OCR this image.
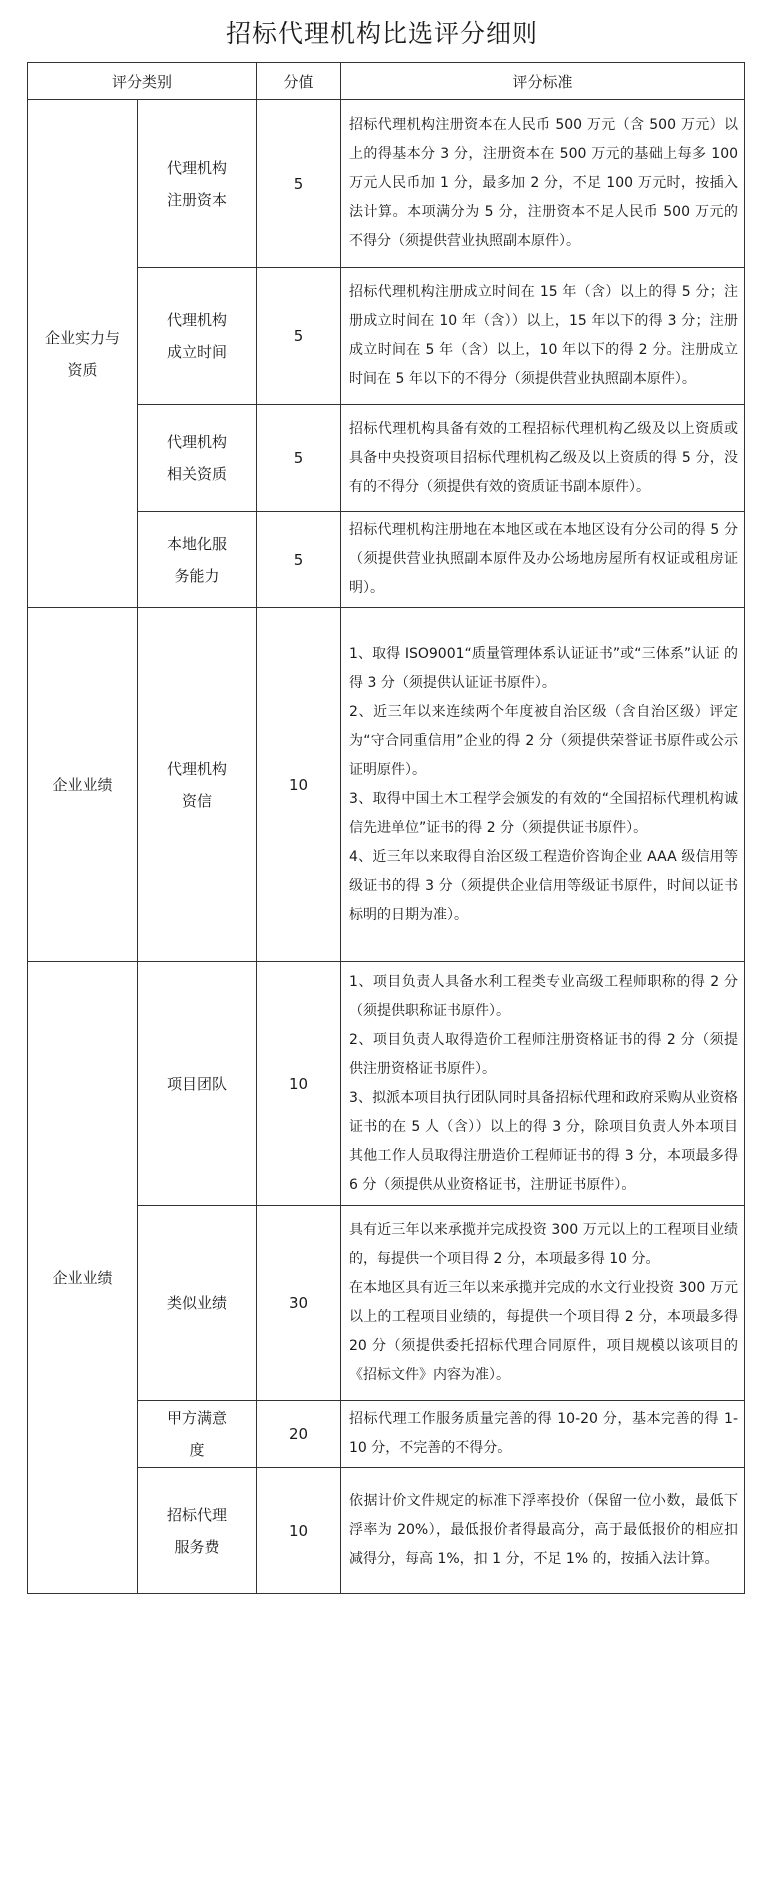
招标代理机构比选评分细则
评分类别		分值	评分标准
企业实力与资质	代理机构注册资本	5	招标代理机构注册资本在人民币 500 万元（含 500 万元）以上的得基本分 3 分，注册资本在 500 万元的基础上每多 100 万元人民币加 1 分，最多加 2 分，不足 100 万元时，按插入法计算。本项满分为 5 分，注册资本不足人民币 500 万元的不得分（须提供营业执照副本原件）。

	代理机构成立时间	5	招标代理机构注册成立时间在 15 年（含）以上的得 5 分；注册成立时间在 10 年（含））以上，15 年以下的得 3 分；注册成立时间在 5 年（含）以上，10 年以下的得 2 分。注册成立时间在 5 年以下的不得分（须提供营业执照副本原件）。

	代理机构相关资质	5	招标代理机构具备有效的工程招标代理机构乙级及以上资质或具备中央投资项目招标代理机构乙级及以上资质的得 5 分，没有的不得分（须提供有效的资质证书副本原件）。

	本地化服务能力	5	招标代理机构注册地在本地区或在本地区设有分公司的得 5 分（须提供营业执照副本原件及办公场地房屋所有权证或租房证明）。

企业业绩	代理机构资信	10	1、取得 ISO9001“质量管理体系认证证书”或“三体系”认证 的得 3 分（须提供认证证书原件）。

2、近三年以来连续两个年度被自治区级（含自治区级）评定为“守合同重信用”企业的得 2 分（须提供荣誉证书原件或公示证明原件）。

3、取得中国土木工程学会颁发的有效的“全国招标代理机构诚信先进单位”证书的得 2 分（须提供证书原件）。

4、近三年以来取得自治区级工程造价咨询企业 AAA 级信用等级证书的得 3 分（须提供企业信用等级证书原件，时间以证书标明的日期为准）。

企业业绩	项目团队	10	1、项目负责人具备水利工程类专业高级工程师职称的得 2 分（须提供职称证书原件）。

2、项目负责人取得造价工程师注册资格证书的得 2 分（须提供注册资格证书原件）。

3、拟派本项目执行团队同时具备招标代理和政府采购从业资格证书的在 5 人（含））以上的得 3 分，除项目负责人外本项目其他工作人员取得注册造价工程师证书的得 3 分，本项最多得 6 分（须提供从业资格证书，注册证书原件）。

	类似业绩	30	具有近三年以来承揽并完成投资 300 万元以上的工程项目业绩的，每提供一个项目得 2 分，本项最多得 10 分。

在本地区具有近三年以来承揽并完成的水文行业投资 300 万元以上的工程项目业绩的，每提供一个项目得 2 分，本项最多得 20 分（须提供委托招标代理合同原件，项目规模以该项目的《招标文件》内容为准）。

	甲方满意度	20	招标代理工作服务质量完善的得 10-20 分，基本完善的得 1-10 分，不完善的不得分。

	招标代理服务费	10	依据计价文件规定的标准下浮率投价（保留一位小数，最低下浮率为 20%），最低报价者得最高分，高于最低报价的相应扣减得分，每高 1%，扣 1 分，不足 1% 的，按插入法计算。
